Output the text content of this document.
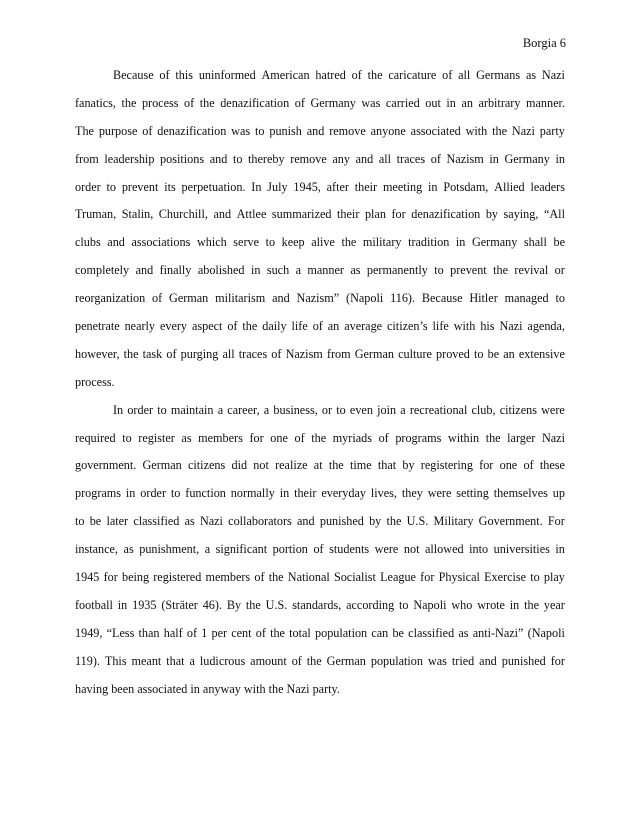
Borgia 6
Because of this uninformed American hatred of the caricature of all Germans as Nazi
fanatics, the process of the denazification of Germany was carried out in an arbitrary manner.
The purpose of denazification was to punish and remove anyone associated with the Nazi party
from leadership positions and to thereby remove any and all traces of Nazism in Germany in
order to prevent its perpetuation. In July 1945, after their meeting in Potsdam, Allied leaders
Truman, Stalin, Churchill, and Attlee summarized their plan for denazification by saying, “All
clubs and associations which serve to keep alive the military tradition in Germany shall be
completely and finally abolished in such a manner as permanently to prevent the revival or
reorganization of German militarism and Nazism” (Napoli 116). Because Hitler managed to
penetrate nearly every aspect of the daily life of an average citizen’s life with his Nazi agenda,
however, the task of purging all traces of Nazism from German culture proved to be an extensive
process.
In order to maintain a career, a business, or to even join a recreational club, citizens were
required to register as members for one of the myriads of programs within the larger Nazi
government. German citizens did not realize at the time that by registering for one of these
programs in order to function normally in their everyday lives, they were setting themselves up
to be later classified as Nazi collaborators and punished by the U.S. Military Government. For
instance, as punishment, a significant portion of students were not allowed into universities in
1945 for being registered members of the National Socialist League for Physical Exercise to play
football in 1935 (Sträter 46). By the U.S. standards, according to Napoli who wrote in the year
1949, “Less than half of 1 per cent of the total population can be classified as anti-Nazi” (Napoli
119). This meant that a ludicrous amount of the German population was tried and punished for
having been associated in anyway with the Nazi party.
